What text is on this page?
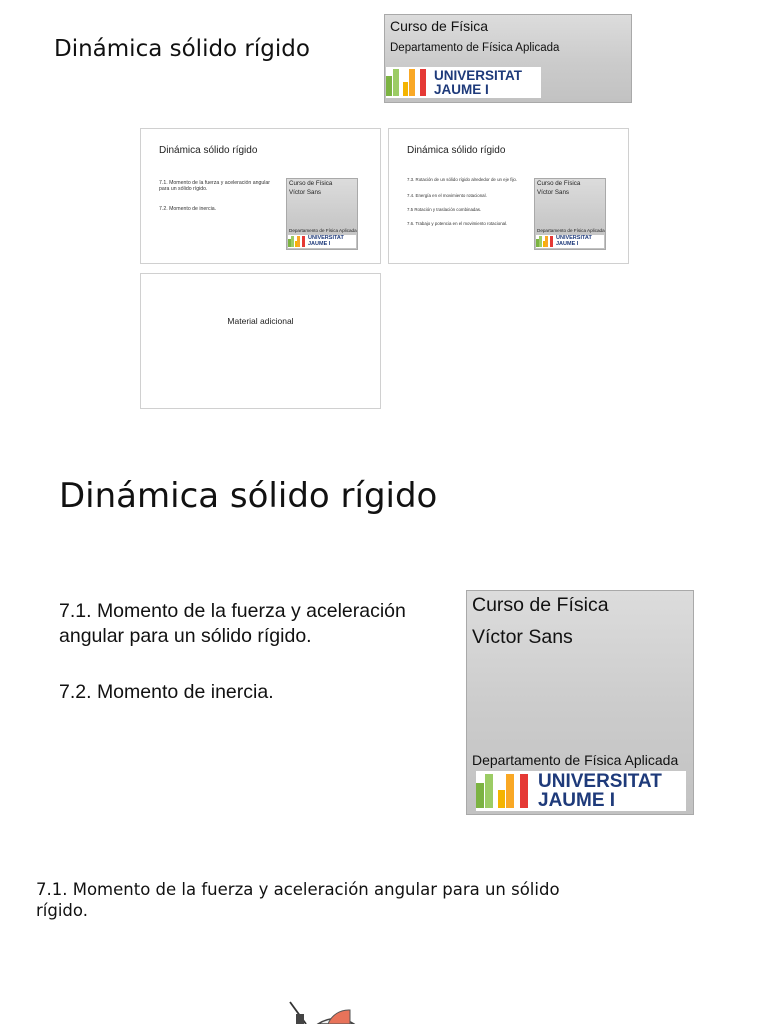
Dinámica sólido rígido
Curso de Física
Departamento de Física Aplicada
UNIVERSITAT
JAUME I
Dinámica sólido rígido
7.1. Momento de la fuerza y aceleración angular para un sólido rígido.
7.2. Momento de inercia.
Curso de Física
Víctor Sans
Departamento de Física Aplicada
UNIVERSITAT
JAUME I
Dinámica sólido rígido
7.3. Rotación de un sólido rígido alrededor de un eje fijo.
7.4. Energía en el movimiento rotacional.
7.5 Rotación y traslación combinadas.
7.6. Trabajo y potencia en el movimiento rotacional.
Curso de Física
Víctor Sans
Departamento de Física Aplicada
UNIVERSITAT
JAUME I
Material adicional
Dinámica sólido rígido
7.1. Momento de la fuerza y aceleración angular para un sólido rígido.
7.2. Momento de inercia.
Curso de Física
Víctor Sans
Departamento de Física Aplicada
UNIVERSITAT
JAUME I
7.1. Momento de la fuerza y aceleración angular para un sólido rígido.
